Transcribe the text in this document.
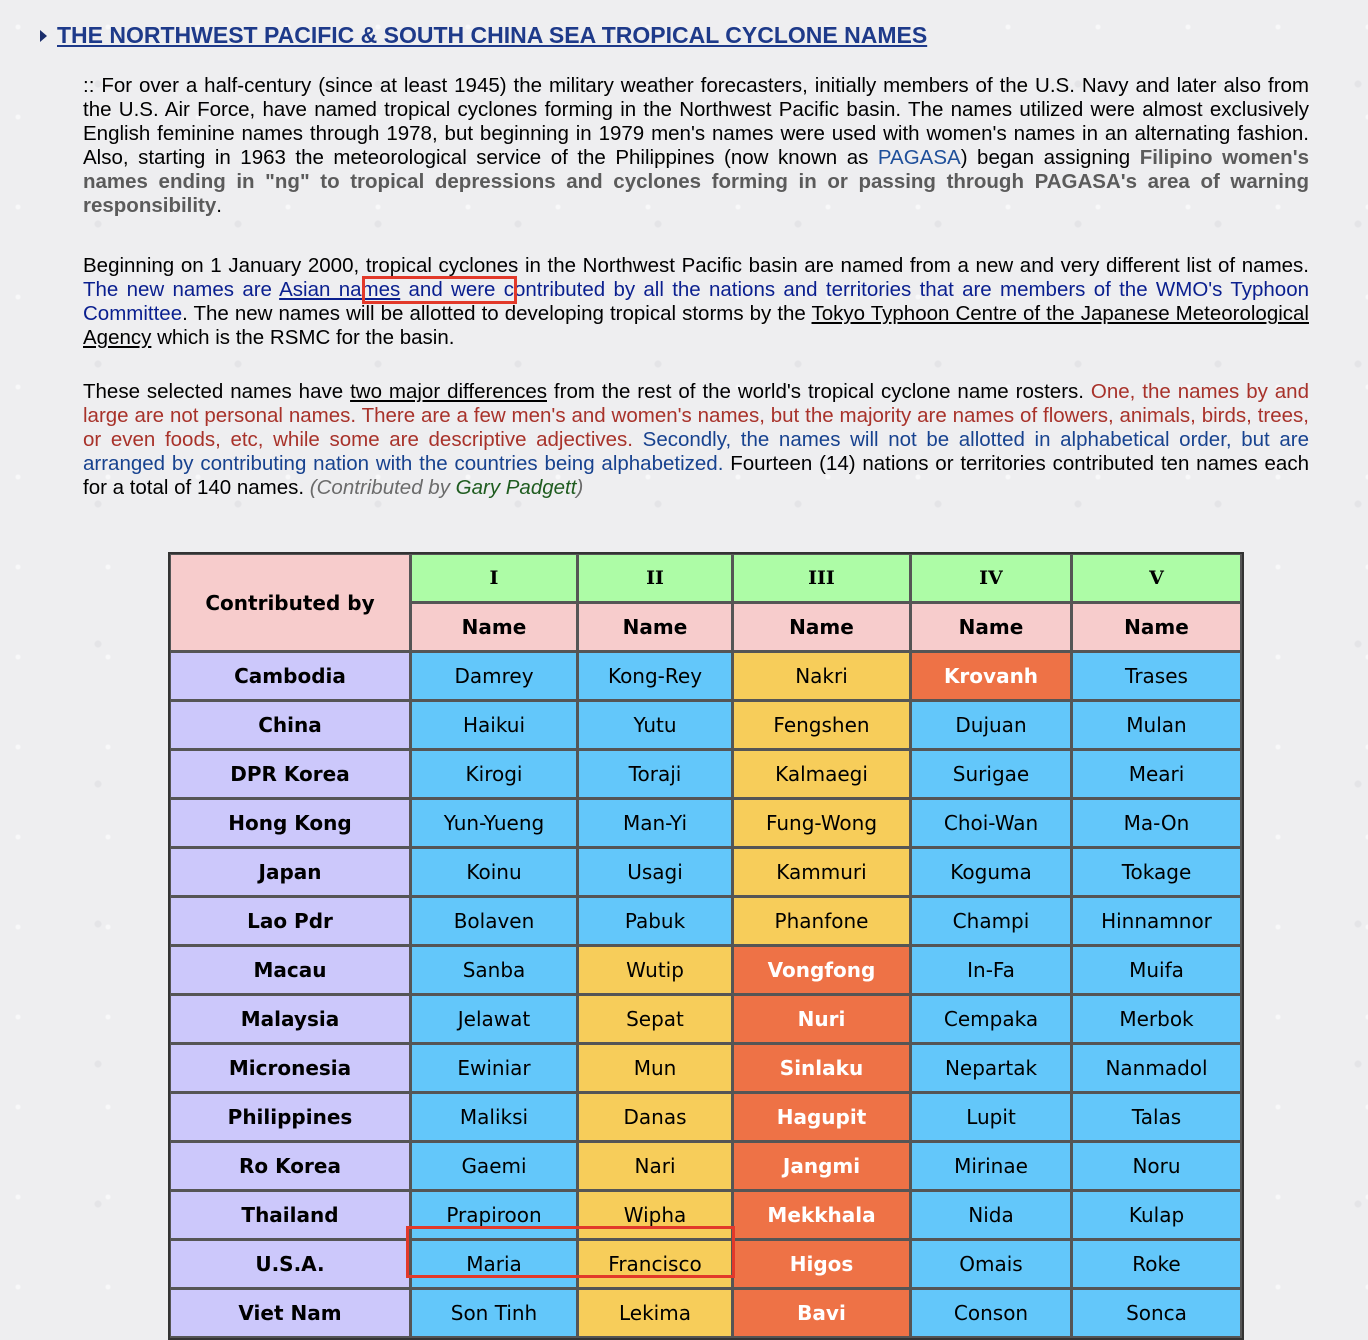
THE NORTHWEST PACIFIC & SOUTH CHINA SEA TROPICAL CYCLONE NAMES
:: For over a half-century (since at least 1945) the military weather forecasters, initially members of the U.S. Navy and later also from the U.S. Air Force, have named tropical cyclones forming in the Northwest Pacific basin. The names utilized were almost exclusively English feminine names through 1978, but beginning in 1979 men's names were used with women's names in an alternating fashion. Also, starting in 1963 the meteorological service of the Philippines (now known as PAGASA) began assigning Filipino women's names ending in "ng" to tropical depressions and cyclones forming in or passing through PAGASA's area of warning responsibility.
Beginning on 1 January 2000, tropical cyclones in the Northwest Pacific basin are named from a new and very different list of names. The new names are Asian names and were contributed by all the nations and territories that are members of the WMO's Typhoon Committee. The new names will be allotted to developing tropical storms by the Tokyo Typhoon Centre of the Japanese Meteorological Agency which is the RSMC for the basin.
These selected names have two major differences from the rest of the world's tropical cyclone name rosters. One, the names by and large are not personal names. There are a few men's and women's names, but the majority are names of flowers, animals, birds, trees, or even foods, etc, while some are descriptive adjectives. Secondly, the names will not be allotted in alphabetical order, but are arranged by contributing nation with the countries being alphabetized. Fourteen (14) nations or territories contributed ten names each for a total of 140 names. (Contributed by Gary Padgett)
Contributed by	I	II	III	IV	V
	Name	Name	Name	Name	Name
Cambodia	Damrey	Kong-Rey	Nakri	Krovanh	Trases
China	Haikui	Yutu	Fengshen	Dujuan	Mulan
DPR Korea	Kirogi	Toraji	Kalmaegi	Surigae	Meari
Hong Kong	Yun-Yueng	Man-Yi	Fung-Wong	Choi-Wan	Ma-On
Japan	Koinu	Usagi	Kammuri	Koguma	Tokage
Lao Pdr	Bolaven	Pabuk	Phanfone	Champi	Hinnamnor
Macau	Sanba	Wutip	Vongfong	In-Fa	Muifa
Malaysia	Jelawat	Sepat	Nuri	Cempaka	Merbok
Micronesia	Ewiniar	Mun	Sinlaku	Nepartak	Nanmadol
Philippines	Maliksi	Danas	Hagupit	Lupit	Talas
Ro Korea	Gaemi	Nari	Jangmi	Mirinae	Noru
Thailand	Prapiroon	Wipha	Mekkhala	Nida	Kulap
U.S.A.	Maria	Francisco	Higos	Omais	Roke
Viet Nam	Son Tinh	Lekima	Bavi	Conson	Sonca
